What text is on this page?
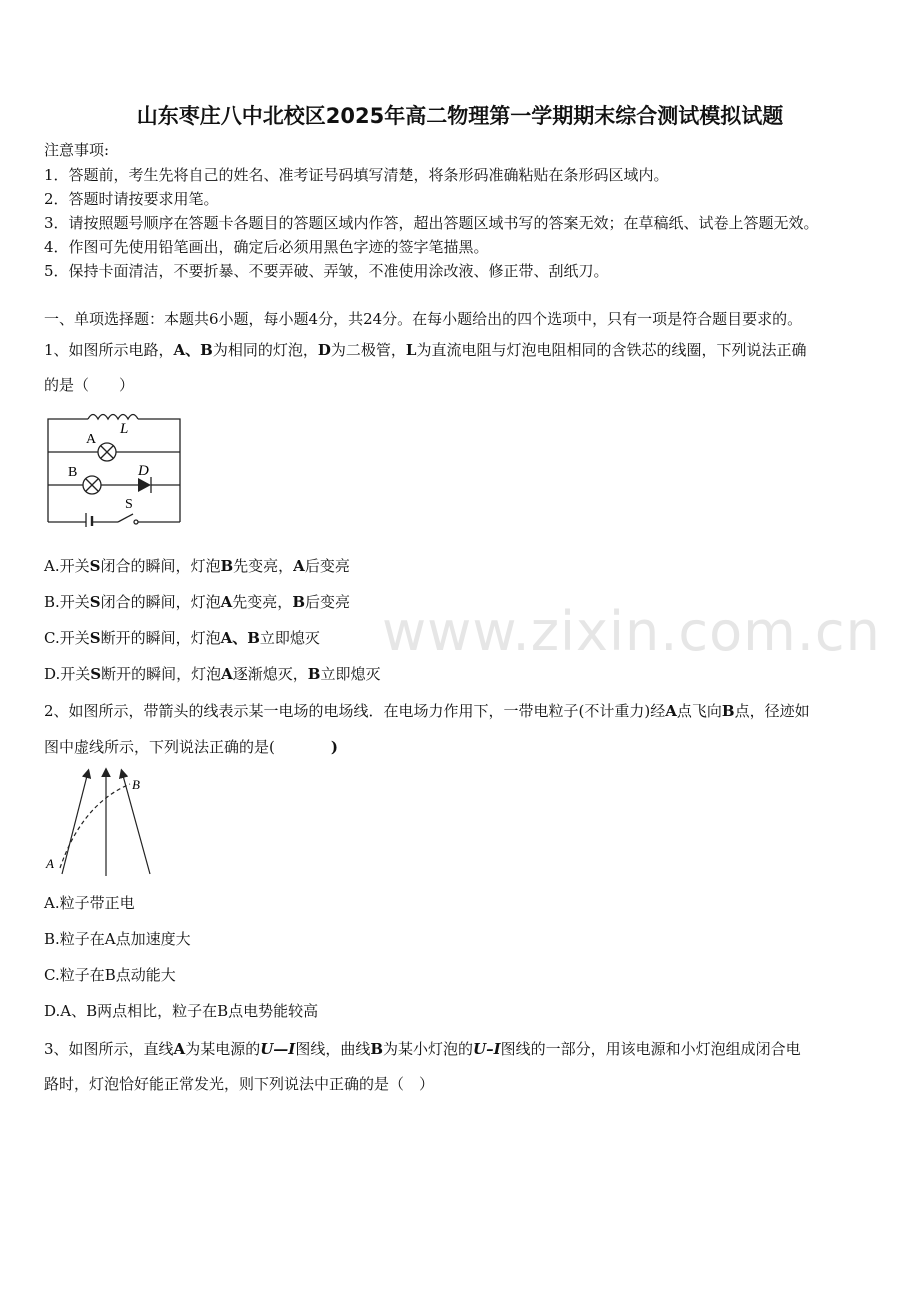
山东枣庄八中北校区2025年高二物理第一学期期末综合测试模拟试题
注意事项:
1．答题前，考生先将自己的姓名、准考证号码填写清楚，将条形码准确粘贴在条形码区域内。
2．答题时请按要求用笔。
3．请按照题号顺序在答题卡各题目的答题区域内作答，超出答题区域书写的答案无效；在草稿纸、试卷上答题无效。
4．作图可先使用铅笔画出，确定后必须用黑色字迹的签字笔描黑。
5．保持卡面清洁，不要折暴、不要弄破、弄皱，不准使用涂改液、修正带、刮纸刀。
一、单项选择题：本题共6小题，每小题4分，共24分。在每小题给出的四个选项中，只有一项是符合题目要求的。
1、如图所示电路，A、B为相同的灯泡，D为二极管，L为直流电阻与灯泡电阻相同的含铁芯的线圈，下列说法正确
的是（　　）
A
L
B	D
S
A.开关S闭合的瞬间，灯泡B先变亮，A后变亮
B.开关S闭合的瞬间，灯泡A先变亮，B后变亮
C.开关S断开的瞬间，灯泡A、B立即熄灭
D.开关S断开的瞬间，灯泡A逐渐熄灭，B立即熄灭
www.zixin.com.cn
2、如图所示，带箭头的线表示某一电场的电场线．在电场力作用下，一带电粒子(不计重力)经A点飞向B点，径迹如
图中虚线所示，下列说法正确的是(	)
A
B
A.粒子带正电
B.粒子在A点加速度大
C.粒子在B点动能大
D.A、B两点相比，粒子在B点电势能较高
3、如图所示，直线A为某电源的U—I图线，曲线B为某小灯泡的U–I图线的一部分，用该电源和小灯泡组成闭合电
路时，灯泡恰好能正常发光，则下列说法中正确的是（　）
